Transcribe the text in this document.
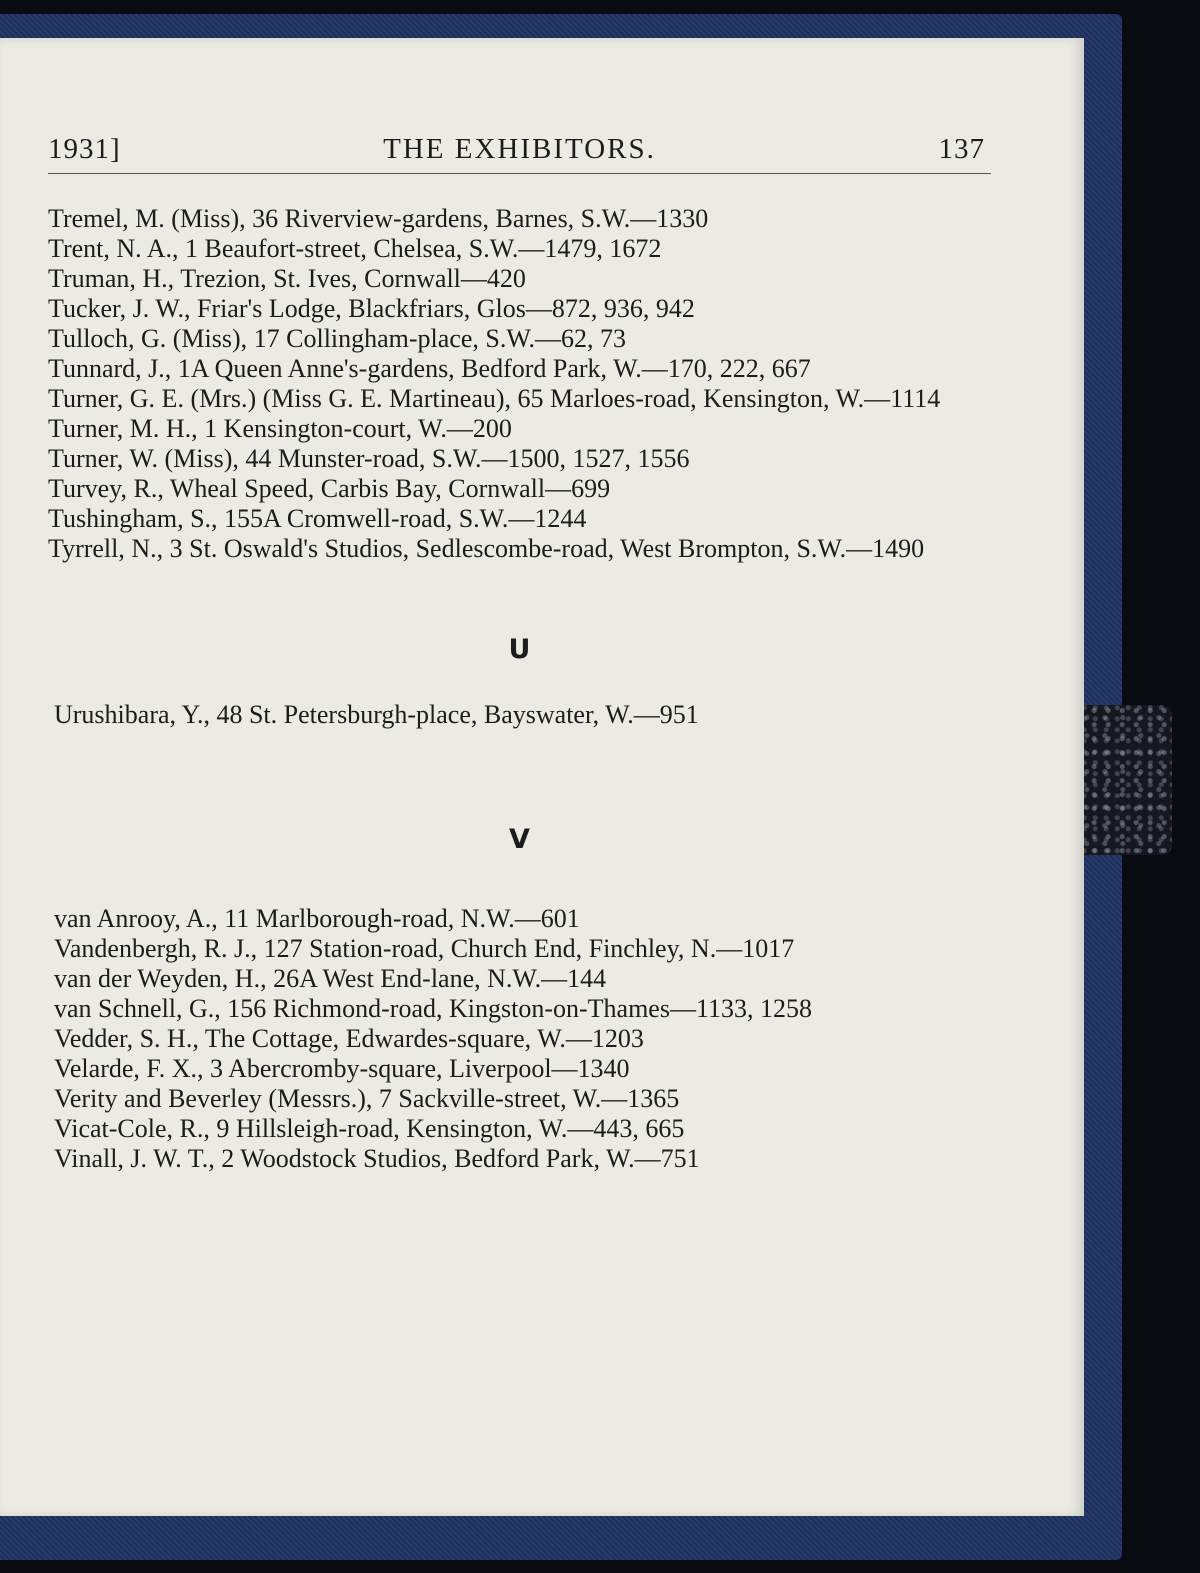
1931]	THE EXHIBITORS.	137
Tremel, M. (Miss), 36 Riverview-gardens, Barnes, S.W.—1330
Trent, N. A., 1 Beaufort-street, Chelsea, S.W.—1479, 1672
Truman, H., Trezion, St. Ives, Cornwall—420
Tucker, J. W., Friar's Lodge, Blackfriars, Glos—872, 936, 942
Tulloch, G. (Miss), 17 Collingham-place, S.W.—62, 73
Tunnard, J., 1A Queen Anne's-gardens, Bedford Park, W.—170, 222, 667
Turner, G. E. (Mrs.) (Miss G. E. Martineau), 65 Marloes-road, Kensington, W.—1114
Turner, M. H., 1 Kensington-court, W.—200
Turner, W. (Miss), 44 Munster-road, S.W.—1500, 1527, 1556
Turvey, R., Wheal Speed, Carbis Bay, Cornwall—699
Tushingham, S., 155A Cromwell-road, S.W.—1244
Tyrrell, N., 3 St. Oswald's Studios, Sedlescombe-road, West Brompton, S.W.—1490
U
Urushibara, Y., 48 St. Petersburgh-place, Bayswater, W.—951
V
van Anrooy, A., 11 Marlborough-road, N.W.—601
Vandenbergh, R. J., 127 Station-road, Church End, Finchley, N.—1017
van der Weyden, H., 26A West End-lane, N.W.—144
van Schnell, G., 156 Richmond-road, Kingston-on-Thames—1133, 1258
Vedder, S. H., The Cottage, Edwardes-square, W.—1203
Velarde, F. X., 3 Abercromby-square, Liverpool—1340
Verity and Beverley (Messrs.), 7 Sackville-street, W.—1365
Vicat-Cole, R., 9 Hillsleigh-road, Kensington, W.—443, 665
Vinall, J. W. T., 2 Woodstock Studios, Bedford Park, W.—751
